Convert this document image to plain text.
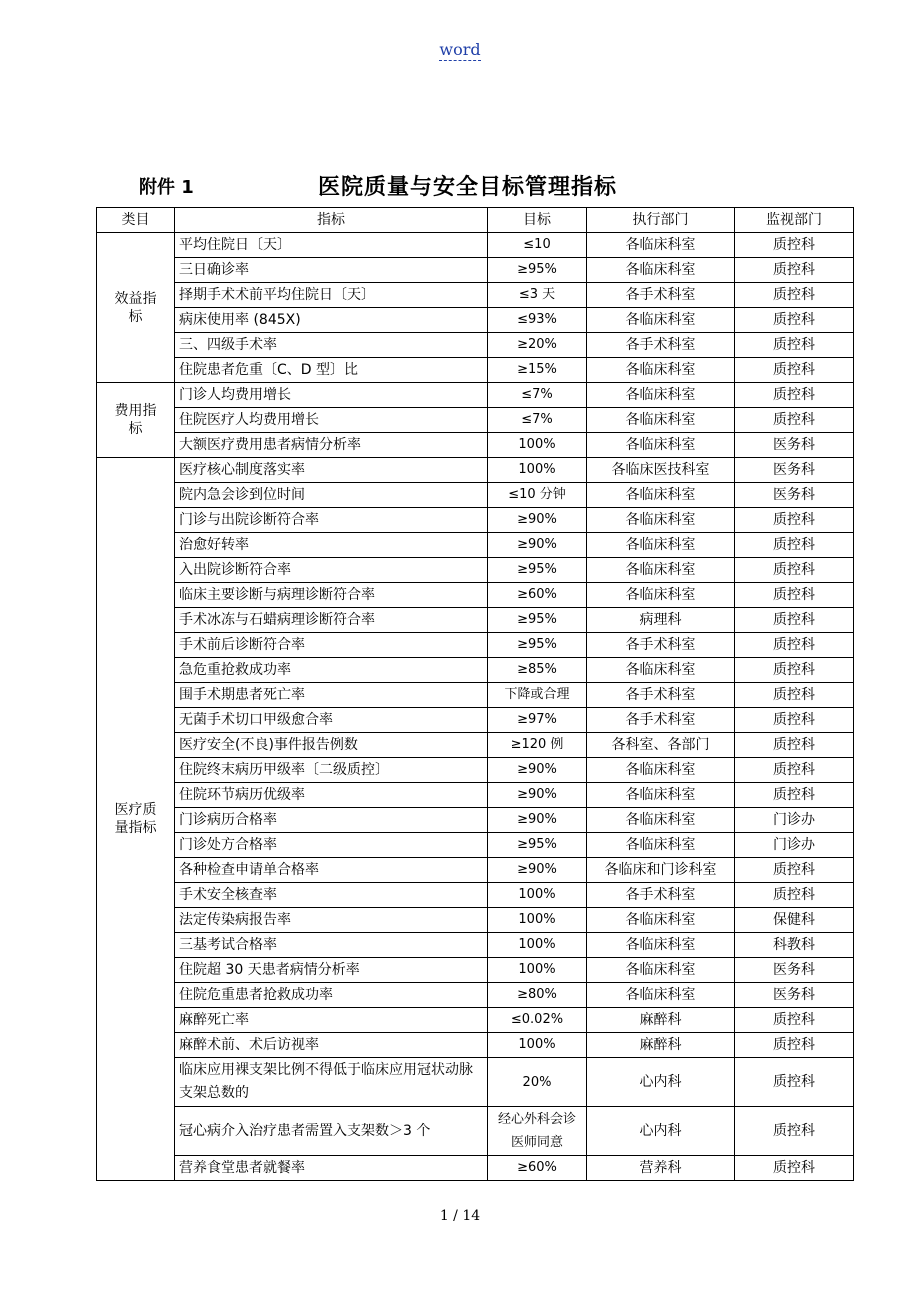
word
附件 1	医院质量与安全目标管理指标
类目	指标	目标	执行部门	监视部门
效益指标	平均住院日〔天〕	≤10	各临床科室	质控科
	三日确诊率	≥95%	各临床科室	质控科
	择期手术术前平均住院日〔天〕	≤3 天	各手术科室	质控科
	病床使用率 (845X)	≤93%	各临床科室	质控科
	三、四级手术率	≥20%	各手术科室	质控科
	住院患者危重〔C、D 型〕比	≥15%	各临床科室	质控科
费用指标	门诊人均费用增长	≤7%	各临床科室	质控科
	住院医疗人均费用增长	≤7%	各临床科室	质控科
	大额医疗费用患者病情分析率	100%	各临床科室	医务科
医疗质量指标	医疗核心制度落实率	100%	各临床医技科室	医务科
	院内急会诊到位时间	≤10 分钟	各临床科室	医务科
	门诊与出院诊断符合率	≥90%	各临床科室	质控科
	治愈好转率	≥90%	各临床科室	质控科
	入出院诊断符合率	≥95%	各临床科室	质控科
	临床主要诊断与病理诊断符合率	≥60%	各临床科室	质控科
	手术冰冻与石蜡病理诊断符合率	≥95%	病理科	质控科
	手术前后诊断符合率	≥95%	各手术科室	质控科
	急危重抢救成功率	≥85%	各临床科室	质控科
	围手术期患者死亡率	下降或合理	各手术科室	质控科
	无菌手术切口甲级愈合率	≥97%	各手术科室	质控科
	医疗安全(不良)事件报告例数	≥120 例	各科室、各部门	质控科
	住院终末病历甲级率〔二级质控〕	≥90%	各临床科室	质控科
	住院环节病历优级率	≥90%	各临床科室	质控科
	门诊病历合格率	≥90%	各临床科室	门诊办
	门诊处方合格率	≥95%	各临床科室	门诊办
	各种检查申请单合格率	≥90%	各临床和门诊科室	质控科
	手术安全核查率	100%	各手术科室	质控科
	法定传染病报告率	100%	各临床科室	保健科
	三基考试合格率	100%	各临床科室	科教科
	住院超 30 天患者病情分析率	100%	各临床科室	医务科
	住院危重患者抢救成功率	≥80%	各临床科室	医务科
	麻醉死亡率	≤0.02%	麻醉科	质控科
	麻醉术前、术后访视率	100%	麻醉科	质控科
	临床应用裸支架比例不得低于临床应用冠状动脉支架总数的	20%	心内科	质控科
	冠心病介入治疗患者需置入支架数＞3 个	经心外科会诊医师同意	心内科	质控科
	营养食堂患者就餐率	≥60%	营养科	质控科
1 / 14
